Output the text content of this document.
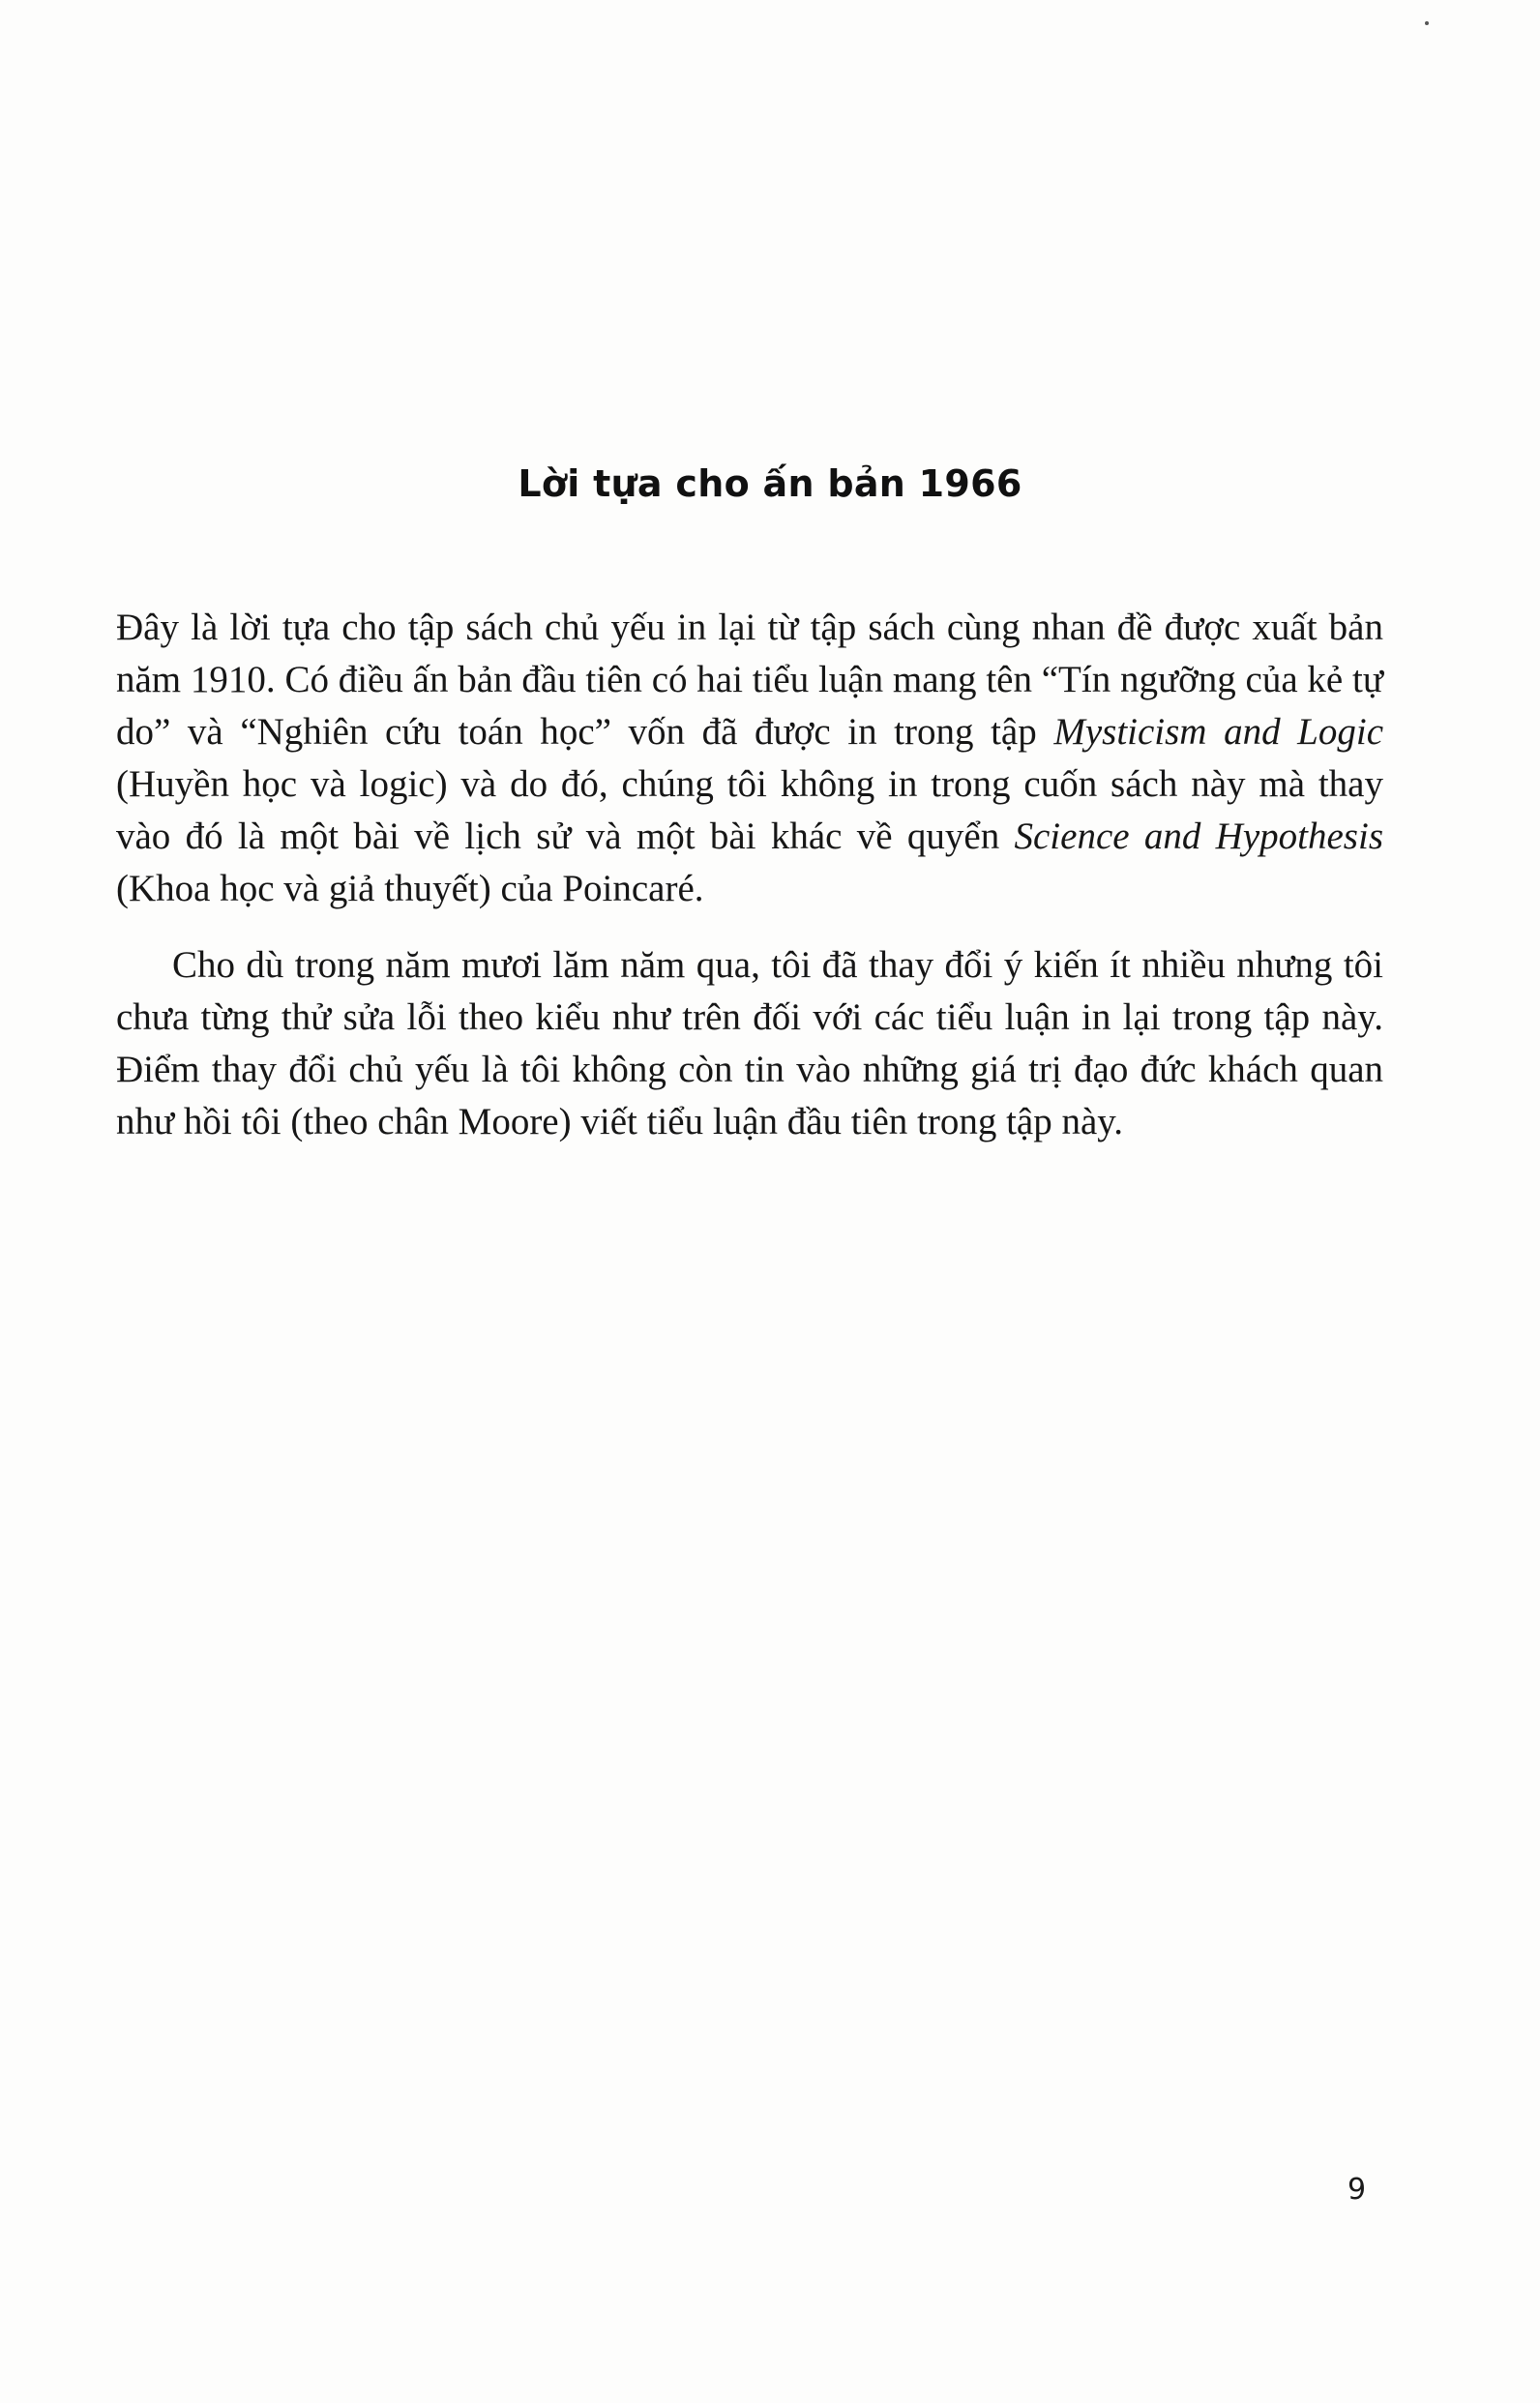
Lời tựa cho ấn bản 1966

Đây là lời tựa cho tập sách chủ yếu in lại từ tập sách cùng nhan đề được xuất bản năm 1910. Có điều ấn bản đầu tiên có hai tiểu luận mang tên “Tín ngưỡng của kẻ tự do” và “Nghiên cứu toán học” vốn đã được in trong tập Mysticism and Logic (Huyền học và logic) và do đó, chúng tôi không in trong cuốn sách này mà thay vào đó là một bài về lịch sử và một bài khác về quyển Science and Hypothesis (Khoa học và giả thuyết) của Poincaré.

Cho dù trong năm mươi lăm năm qua, tôi đã thay đổi ý kiến ít nhiều nhưng tôi chưa từng thử sửa lỗi theo kiểu như trên đối với các tiểu luận in lại trong tập này. Điểm thay đổi chủ yếu là tôi không còn tin vào những giá trị đạo đức khách quan như hồi tôi (theo chân Moore) viết tiểu luận đầu tiên trong tập này.

9
